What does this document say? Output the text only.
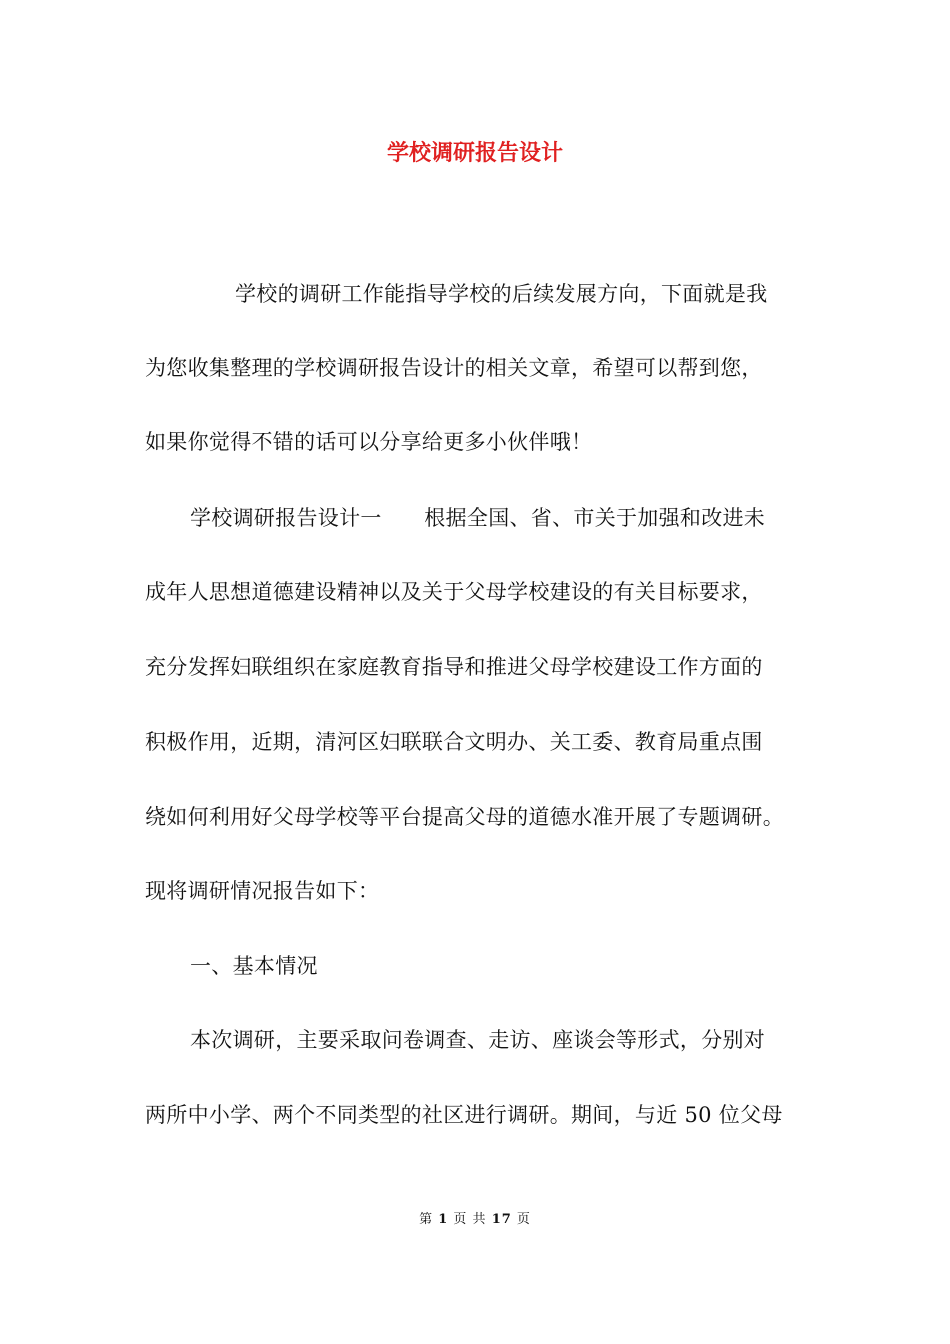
学校调研报告设计
学校的调研工作能指导学校的后续发展方向，下面就是我
为您收集整理的学校调研报告设计的相关文章，希望可以帮到您，
如果你觉得不错的话可以分享给更多小伙伴哦！
学校调研报告设计一　　根据全国、省、市关于加强和改进未
成年人思想道德建设精神以及关于父母学校建设的有关目标要求，
充分发挥妇联组织在家庭教育指导和推进父母学校建设工作方面的
积极作用，近期，清河区妇联联合文明办、关工委、教育局重点围
绕如何利用好父母学校等平台提高父母的道德水准开展了专题调研。
现将调研情况报告如下：
一、基本情况
本次调研，主要采取问卷调查、走访、座谈会等形式，分别对
两所中小学、两个不同类型的社区进行调研。期间，与近 50 位父母
第 1 页 共 17 页
